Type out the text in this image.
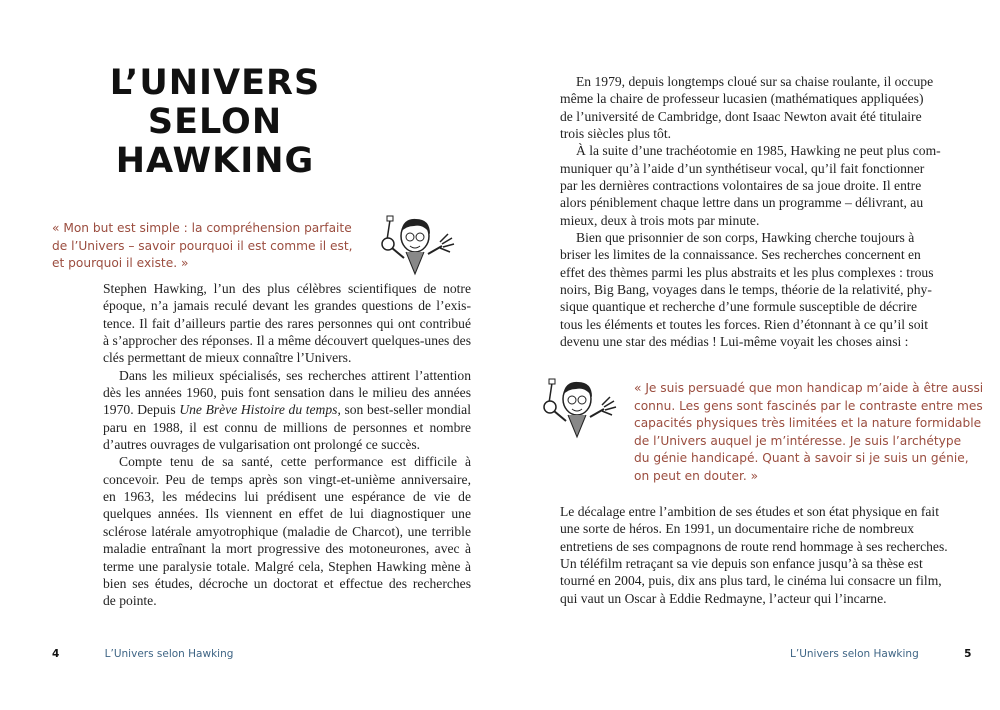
L’UNIVERS
SELON
HAWKING
« Mon but est simple : la compréhension parfaite
de l’Univers – savoir pourquoi il est comme il est,
et pourquoi il existe. »
Stephen Hawking, l’un des plus célèbres scientifiques de notre
époque, n’a jamais reculé devant les grandes questions de l’exis-
tence. Il fait d’ailleurs partie des rares personnes qui ont contribué
à s’approcher des réponses. Il a même découvert quelques-unes des
clés permettant de mieux connaître l’Univers.
Dans les milieux spécialisés, ses recherches attirent l’attention
dès les années 1960, puis font sensation dans le milieu des années
1970. Depuis Une Brève Histoire du temps, son best-seller mondial
paru en 1988, il est connu de millions de personnes et nombre
d’autres ouvrages de vulgarisation ont prolongé ce succès.
Compte tenu de sa santé, cette performance est difficile à
concevoir. Peu de temps après son vingt-et-unième anniversaire,
en 1963, les médecins lui prédisent une espérance de vie de
quelques années. Ils viennent en effet de lui diagnostiquer une
sclérose latérale amyotrophique (maladie de Charcot), une terrible
maladie entraînant la mort progressive des motoneurones, avec à
terme une paralysie totale. Malgré cela, Stephen Hawking mène à
bien ses études, décroche un doctorat et effectue des recherches
de pointe.
4	L’Univers selon Hawking
En 1979, depuis longtemps cloué sur sa chaise roulante, il occupe
même la chaire de professeur lucasien (mathématiques appliquées)
de l’université de Cambridge, dont Isaac Newton avait été titulaire
trois siècles plus tôt.
À la suite d’une trachéotomie en 1985, Hawking ne peut plus com-
muniquer qu’à l’aide d’un synthétiseur vocal, qu’il fait fonctionner
par les dernières contractions volontaires de sa joue droite. Il entre
alors péniblement chaque lettre dans un programme – délivrant, au
mieux, deux à trois mots par minute.
Bien que prisonnier de son corps, Hawking cherche toujours à
briser les limites de la connaissance. Ses recherches concernent en
effet des thèmes parmi les plus abstraits et les plus complexes : trous
noirs, Big Bang, voyages dans le temps, théorie de la relativité, phy-
sique quantique et recherche d’une formule susceptible de décrire
tous les éléments et toutes les forces. Rien d’étonnant à ce qu’il soit
devenu une star des médias ! Lui-même voyait les choses ainsi :
« Je suis persuadé que mon handicap m’aide à être aussi
connu. Les gens sont fascinés par le contraste entre mes
capacités physiques très limitées et la nature formidable
de l’Univers auquel je m’intéresse. Je suis l’archétype
du génie handicapé. Quant à savoir si je suis un génie,
on peut en douter. »
Le décalage entre l’ambition de ses études et son état physique en fait
une sorte de héros. En 1991, un documentaire riche de nombreux
entretiens de ses compagnons de route rend hommage à ses recherches.
Un téléfilm retraçant sa vie depuis son enfance jusqu’à sa thèse est
tourné en 2004, puis, dix ans plus tard, le cinéma lui consacre un film,
qui vaut un Oscar à Eddie Redmayne, l’acteur qui l’incarne.
L’Univers selon Hawking	5
